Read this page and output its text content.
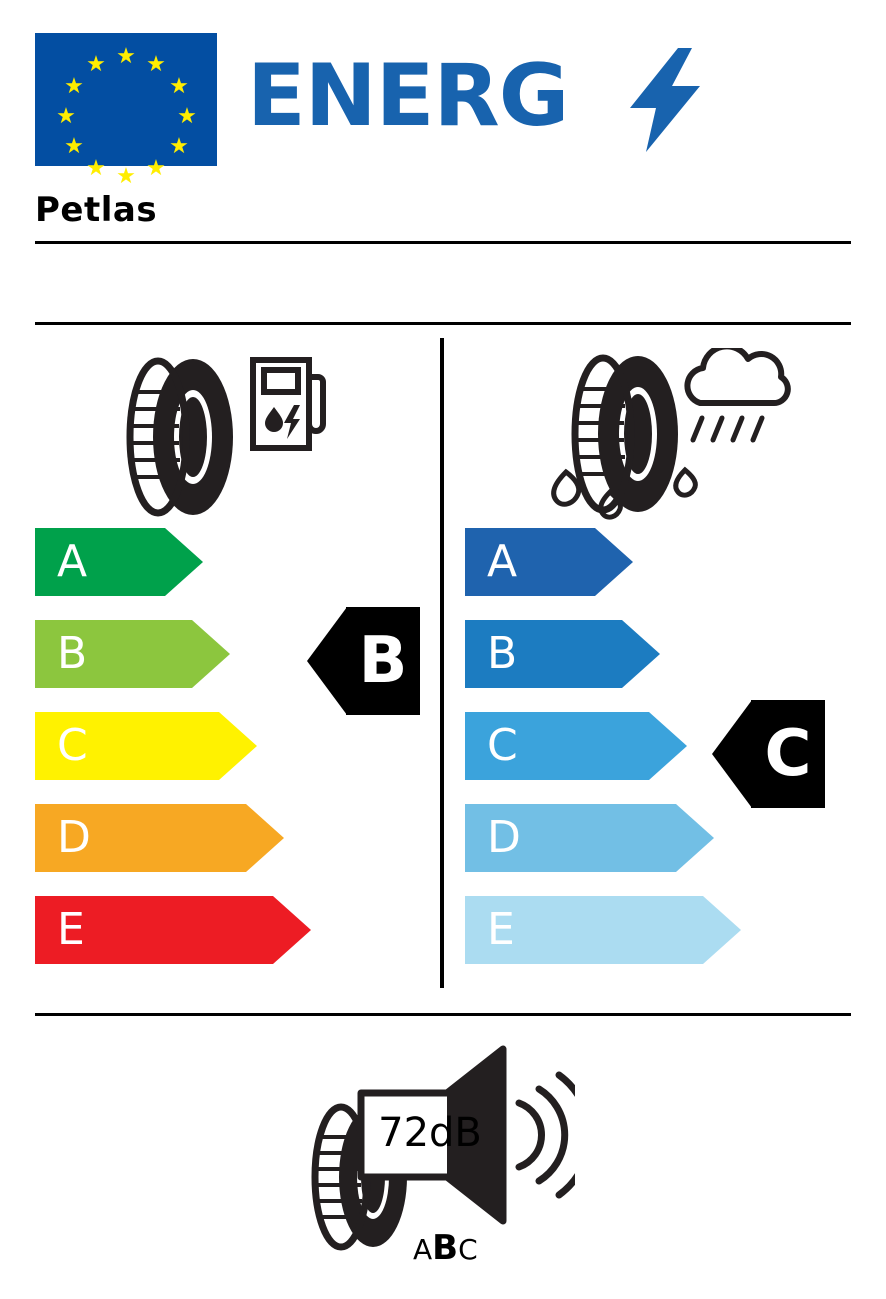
★ ★
★
★
★
★
★
★
★
★
★
★ ENERG
Petlas
A
B
C
D
E
B
A
B
C
D
E
C
72dB
ABC
